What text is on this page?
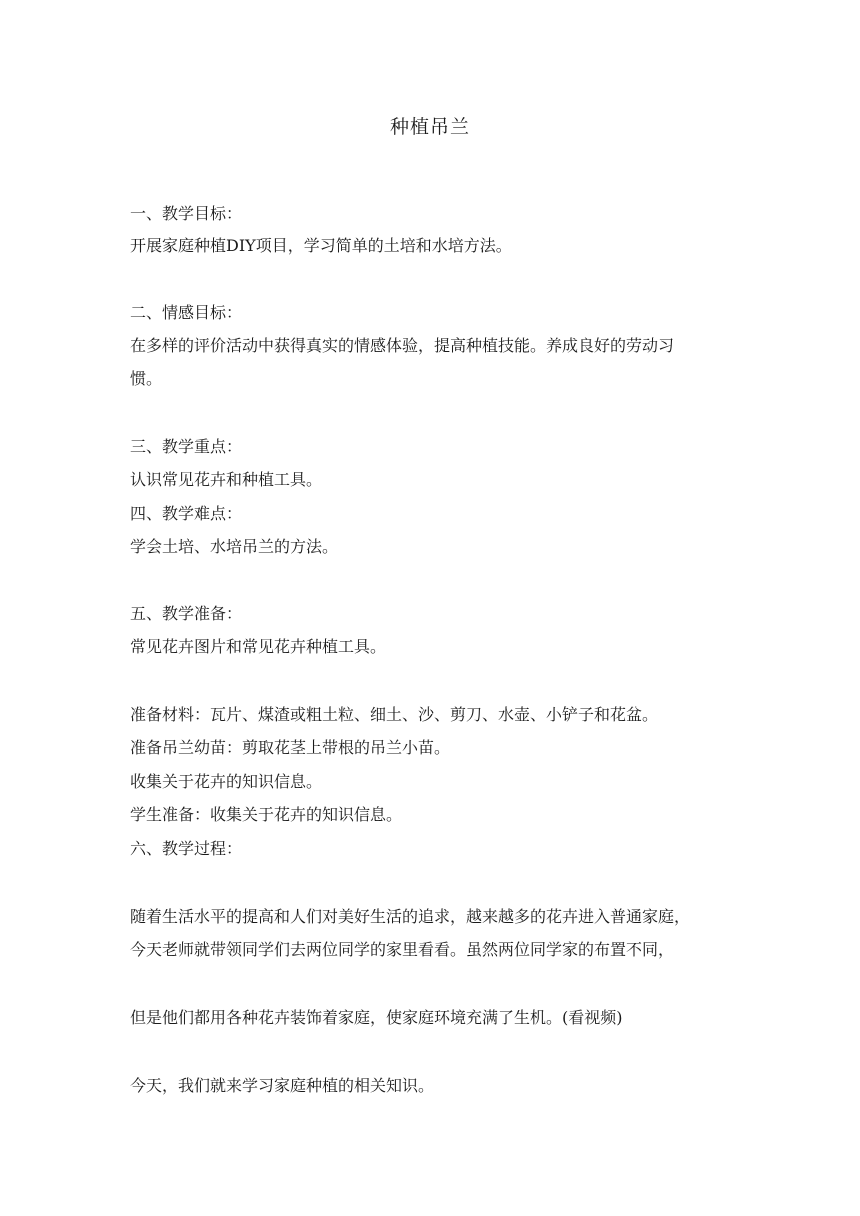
种植吊兰
一、教学目标：
开展家庭种植DIY项目，学习简单的土培和水培方法。
二、情感目标：
在多样的评价活动中获得真实的情感体验，提高种植技能。养成良好的劳动习
惯。
三、教学重点：
认识常见花卉和种植工具。
四、教学难点：
学会土培、水培吊兰的方法。
五、教学准备：
常见花卉图片和常见花卉种植工具。
准备材料：瓦片、煤渣或粗土粒、细土、沙、剪刀、水壶、小铲子和花盆。
准备吊兰幼苗：剪取花茎上带根的吊兰小苗。
收集关于花卉的知识信息。
学生准备：收集关于花卉的知识信息。
六、教学过程：
随着生活水平的提高和人们对美好生活的追求，越来越多的花卉进入普通家庭，
今天老师就带领同学们去两位同学的家里看看。虽然两位同学家的布置不同，
但是他们都用各种花卉装饰着家庭，使家庭环境充满了生机。(看视频)
今天，我们就来学习家庭种植的相关知识。
